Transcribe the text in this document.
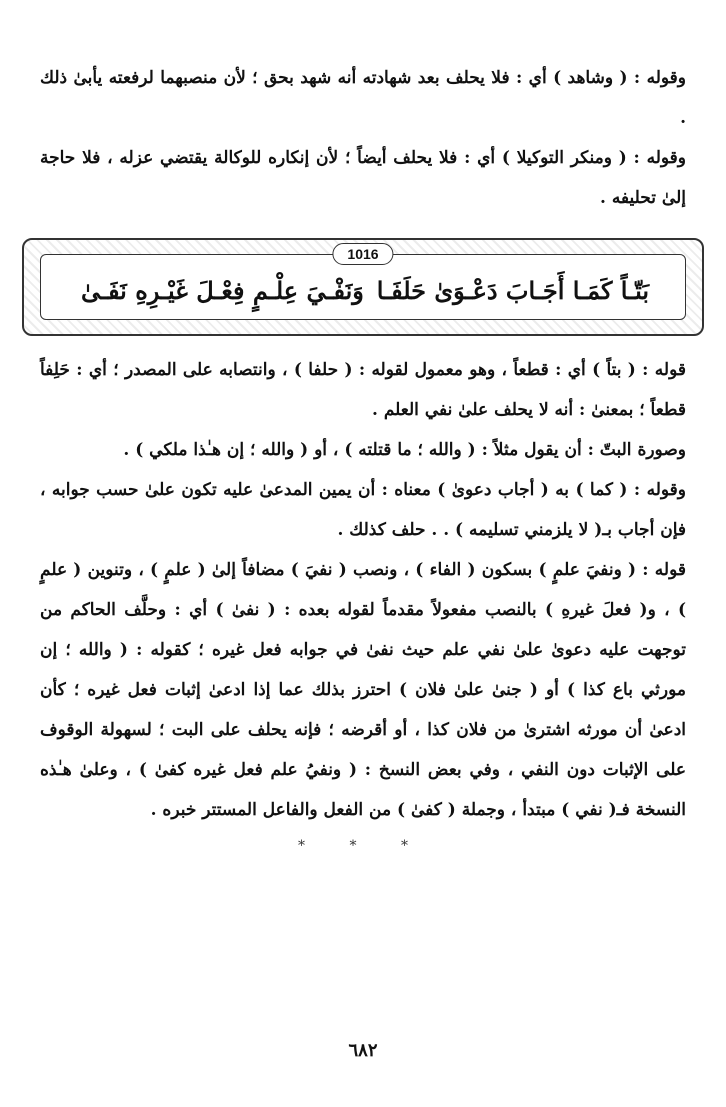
وقوله : ( وشاهد ) أي : فلا يحلف بعد شهادته أنه شهد بحق ؛ لأن منصبهما لرفعته يأبىٰ ذلك .

وقوله : ( ومنكر التوكيلا ) أي : فلا يحلف أيضاً ؛ لأن إنكاره للوكالة يقتضي عزله ، فلا حاجة إلىٰ تحليفه .

1016
بَتّـاً كَمَـا أَجَـابَ دَعْـوَىٰ حَلَفَـا
وَنَفْـيَ عِلْـمٍ فِعْـلَ غَيْـرِهِ نَفَـىٰ

قوله : ( بتاً ) أي : قطعاً ، وهو معمول لقوله : ( حلفا ) ، وانتصابه على المصدر ؛ أي : حَلِفاً قطعاً ؛ بمعنىٰ : أنه لا يحلف علىٰ نفي العلم .

وصورة البتّ : أن يقول مثلاً : ( والله ؛ ما قتلته ) ، أو ( والله ؛ إن هـٰذا ملكي ) .

وقوله : ( كما ) به ( أجاب دعوىٰ ) معناه : أن يمين المدعىٰ عليه تكون علىٰ حسب جوابه ، فإن أجاب بـ( لا يلزمني تسليمه ) . . حلف كذلك .

قوله : ( ونفيَ علمٍ ) بسكون ( الفاء ) ، ونصب ( نفيَ ) مضافاً إلىٰ ( علمٍ ) ، وتنوين ( علمٍ ) ، و( فعلَ غيرهِ ) بالنصب مفعولاً مقدماً لقوله بعده : ( نفىٰ ) أي : وحلَّف الحاكم من توجهت عليه دعوىٰ علىٰ نفي علم حيث نفىٰ في جوابه فعل غيره ؛ كقوله : ( والله ؛ إن مورثي باع كذا ) أو ( جنىٰ علىٰ فلان ) احترز بذلك عما إذا ادعىٰ إثبات فعل غيره ؛ كأن ادعىٰ أن مورثه اشترىٰ من فلان كذا ، أو أقرضه ؛ فإنه يحلف على البت ؛ لسهولة الوقوف على الإثبات دون النفي ، وفي بعض النسخ : ( ونفيُ علم فعل غيره كفىٰ ) ، وعلىٰ هـٰذه النسخة فـ( نفي ) مبتدأ ، وجملة ( كفىٰ ) من الفعل والفاعل المستتر خبره .

* * *
٦٨٢
